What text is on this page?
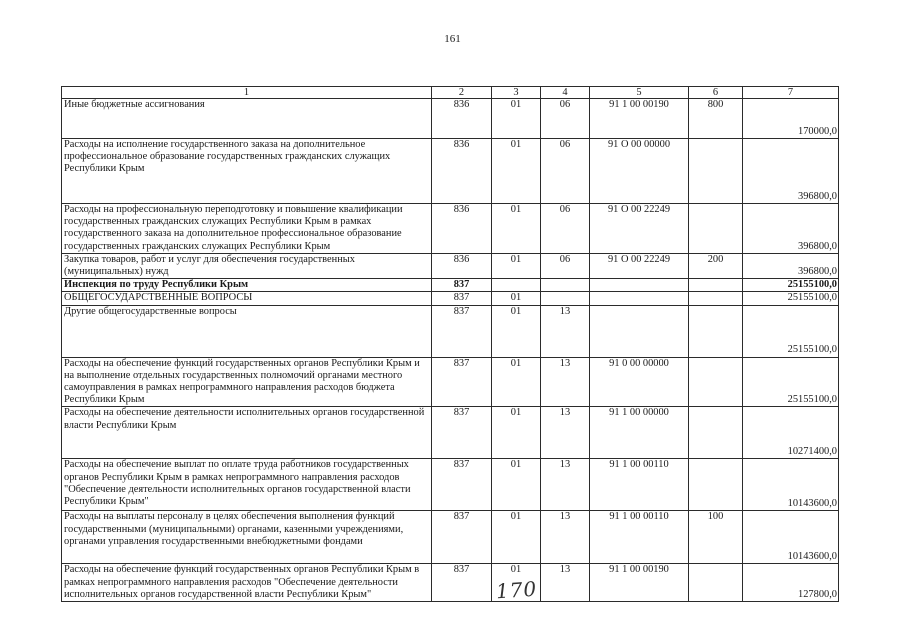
161
1	2	3	4	5	6	7
Иные бюджетные ассигнования	836	01	06	91 1 00 00190	800	170000,0
Расходы на исполнение государственного заказа на дополнительное профессиональное образование государственных гражданских служащих Республики Крым	836	01	06	91 О 00 00000		396800,0
Расходы на профессиональную переподготовку и повышение квалификации государственных гражданских служащих Республики Крым в рамках государственного заказа на дополнительное профессиональное образование государственных гражданских служащих Республики Крым	836	01	06	91 О 00 22249		396800,0
Закупка товаров, работ и услуг для обеспечения государственных (муниципальных) нужд	836	01	06	91 О 00 22249	200	396800,0
Инспекция по труду Республики Крым	837					25155100,0
ОБЩЕГОСУДАРСТВЕННЫЕ ВОПРОСЫ	837	01				25155100,0
Другие общегосударственные вопросы	837	01	13			25155100,0
Расходы на обеспечение функций государственных органов Республики Крым и на выполнение отдельных государственных полномочий органами местного самоуправления в рамках непрограммного направления расходов бюджета Республики Крым	837	01	13	91 0 00 00000		25155100,0
Расходы на обеспечение деятельности исполнительных органов государственной власти Республики Крым	837	01	13	91 1 00 00000		10271400,0
Расходы на обеспечение выплат по оплате труда работников государственных органов Республики Крым в рамках непрограммного направления расходов "Обеспечение деятельности исполнительных органов государственной власти Республики Крым"	837	01	13	91 1 00 00110		10143600,0
Расходы на выплаты персоналу в целях обеспечения выполнения функций государственными (муниципальными) органами, казенными учреждениями, органами управления государственными внебюджетными фондами	837	01	13	91 1 00 00110	100	10143600,0
Расходы на обеспечение функций государственных органов Республики Крым в рамках непрограммного направления расходов "Обеспечение деятельности исполнительных органов государственной власти Республики Крым"	837	01	13	91 1 00 00190		127800,0
170
